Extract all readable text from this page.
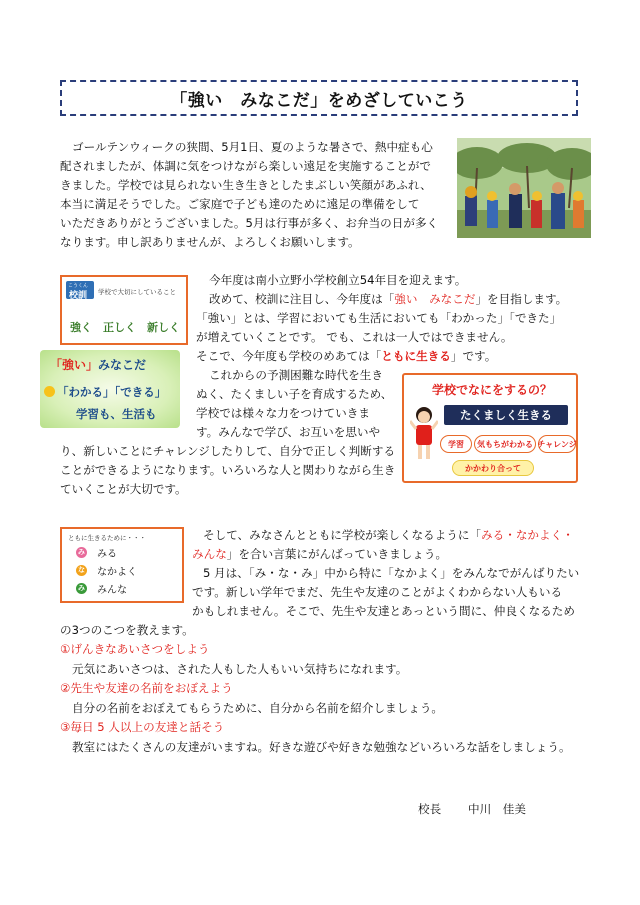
「強い　みなこだ」をめざしていこう
ゴールテンウィークの狭間、5月1日、夏のような暑さで、熱中症も心
配されましたが、体調に気をつけながら楽しい遠足を実施することがで
きました。学校では見られない生き生きとしたまぶしい笑顔があふれ、
本当に満足そうでした。ご家庭で子ども達のために遠足の準備をして
いただきありがとうございました。5月は行事が多く、お弁当の日が多く
なります。申し訳ありませんが、よろしくお願いします。
こうくん
校訓 学校で大切にしていること
強く　正しく　新しく
「強い」みなこだ
「わかる」「できる」
学習も、生活も
今年度は南小立野小学校創立54年目を迎えます。
改めて、校訓に注目し、今年度は「強い　みなこだ」を目指します。
「強い」とは、学習においても生活においても「わかった」「できた」
が増えていくことです。 でも、これは一人ではできません。
そこで、今年度も学校のめあては「ともに生きる」です。
これからの予測困難な時代を生き
ぬく、たくましい子を育成するため、
学校では様々な力をつけていきま
す。みんなで学び、お互いを思いや
り、新しいことにチャレンジしたりして、自分で正しく判断する
ことができるようになります。いろいろな人と関わりながら生き
ていくことが大切です。
学校でなにをするの？
たくましく生きる
学習	気もちがわかる チャレンジ
かかわり合って
ともに生きるために・・・
み みる
な なかよく
み みんな
そして、みなさんとともに学校が楽しくなるように「みる・なかよく・
みんな」を合い言葉にがんばっていきましょう。
5 月は、「み・な・み」中から特に「なかよく」をみんなでがんばりたい
です。新しい学年でまだ、先生や友達のことがよくわからない人もいる
かもしれません。そこで、先生や友達とあっという間に、仲良くなるため
の3つのこつを教えます。
①げんきなあいさつをしよう
元気にあいさつは、された人もした人もいい気持ちになれます。
②先生や友達の名前をおぼえよう
自分の名前をおぼえてもらうために、自分から名前を紹介しましょう。
③毎日 5 人以上の友達と話そう
教室にはたくさんの友達がいますね。好きな遊びや好きな勉強などいろいろな話をしましょう。
校長 中川　佳美
